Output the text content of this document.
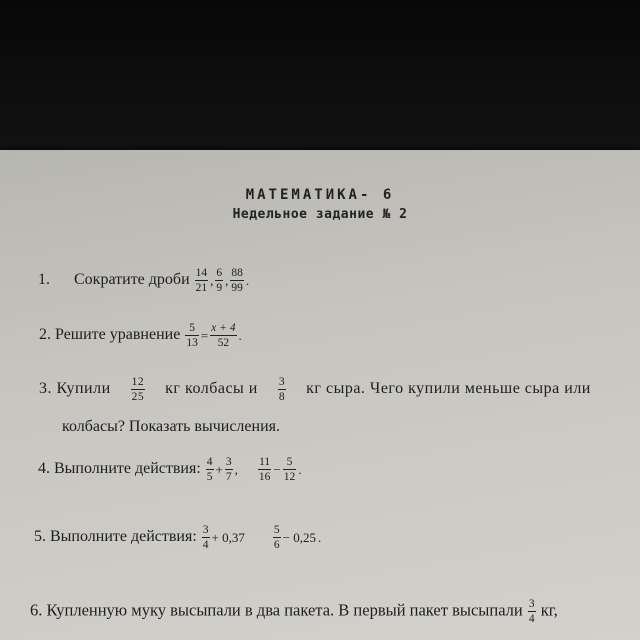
МАТЕМАТИКА- 6
Недельное задание № 2
1. Сократите дроби $\frac{14}{21}$ , $\frac{6}{9}$ , $\frac{88}{99}$ .
2. Решите уравнение $\frac{5}{13} = \frac{x + 4}{52}$ .
3. Купили $\frac{12}{25}$ кг колбасы и $\frac{3}{8}$ кг сыра. Чего купили меньше сыра или
колбасы? Показать вычисления.
4. Выполните действия: $\frac{4}{5} + \frac{3}{7}$ , $\frac{11}{16} - \frac{5}{12}$ .
5. Выполните действия: $\frac{3}{4} + 0,37 \frac{5}{6} - 0,25$ .
6. Купленную муку высыпали в два пакета. В первый пакет высыпали $\frac{3}{4}$ кг,
